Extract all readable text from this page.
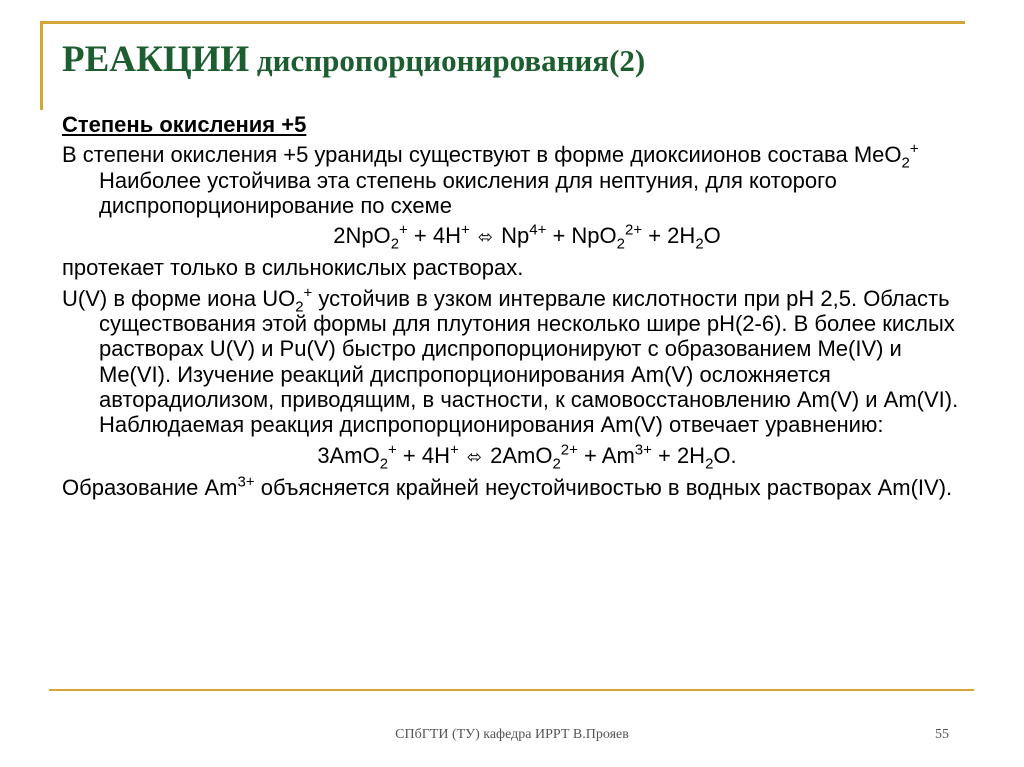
РЕАКЦИИ диспропорционирования(2)

Степень окисления +5

В степени окисления +5 ураниды существуют в форме диоксиионов состава MeO$_2$+ Наиболее устойчива эта степень окисления для нептуния, для которого диспропорционирование по схеме

2NpO$_2$+ + 4H+ ⬄ $Np^{4+} + NpO_2^{2+} + 2H_2O$

протекает только в сильнокислых растворах.

U(V) в форме иона $UO_2^+$ устойчив в узком интервале кислотности при pH 2,5. Область существования этой формы для плутония несколько шире pH(2-6). В более кислых растворах U(V) и Pu(V) быстро диспропорционируют с образованием Me(IV) и Me(VI). Изучение реакций диспропорционирования Am(V) осложняется авторадиолизом, приводящим, в частности, к самовосстановлению Am(V) и Am(VI). Наблюдаемая реакция диспропорционирования Am(V) отвечает уравнению:

3AmO$_2$+ + 4H+ ⬄ $2AmO_2^{2+} + Am^{3+} + 2H_2O$.

Образование $Am^{3+}$ объясняется крайней неустойчивостью в водных растворах Am(IV).

СПбГТИ (ТУ) кафедра ИРРТ В.Прояев	55
